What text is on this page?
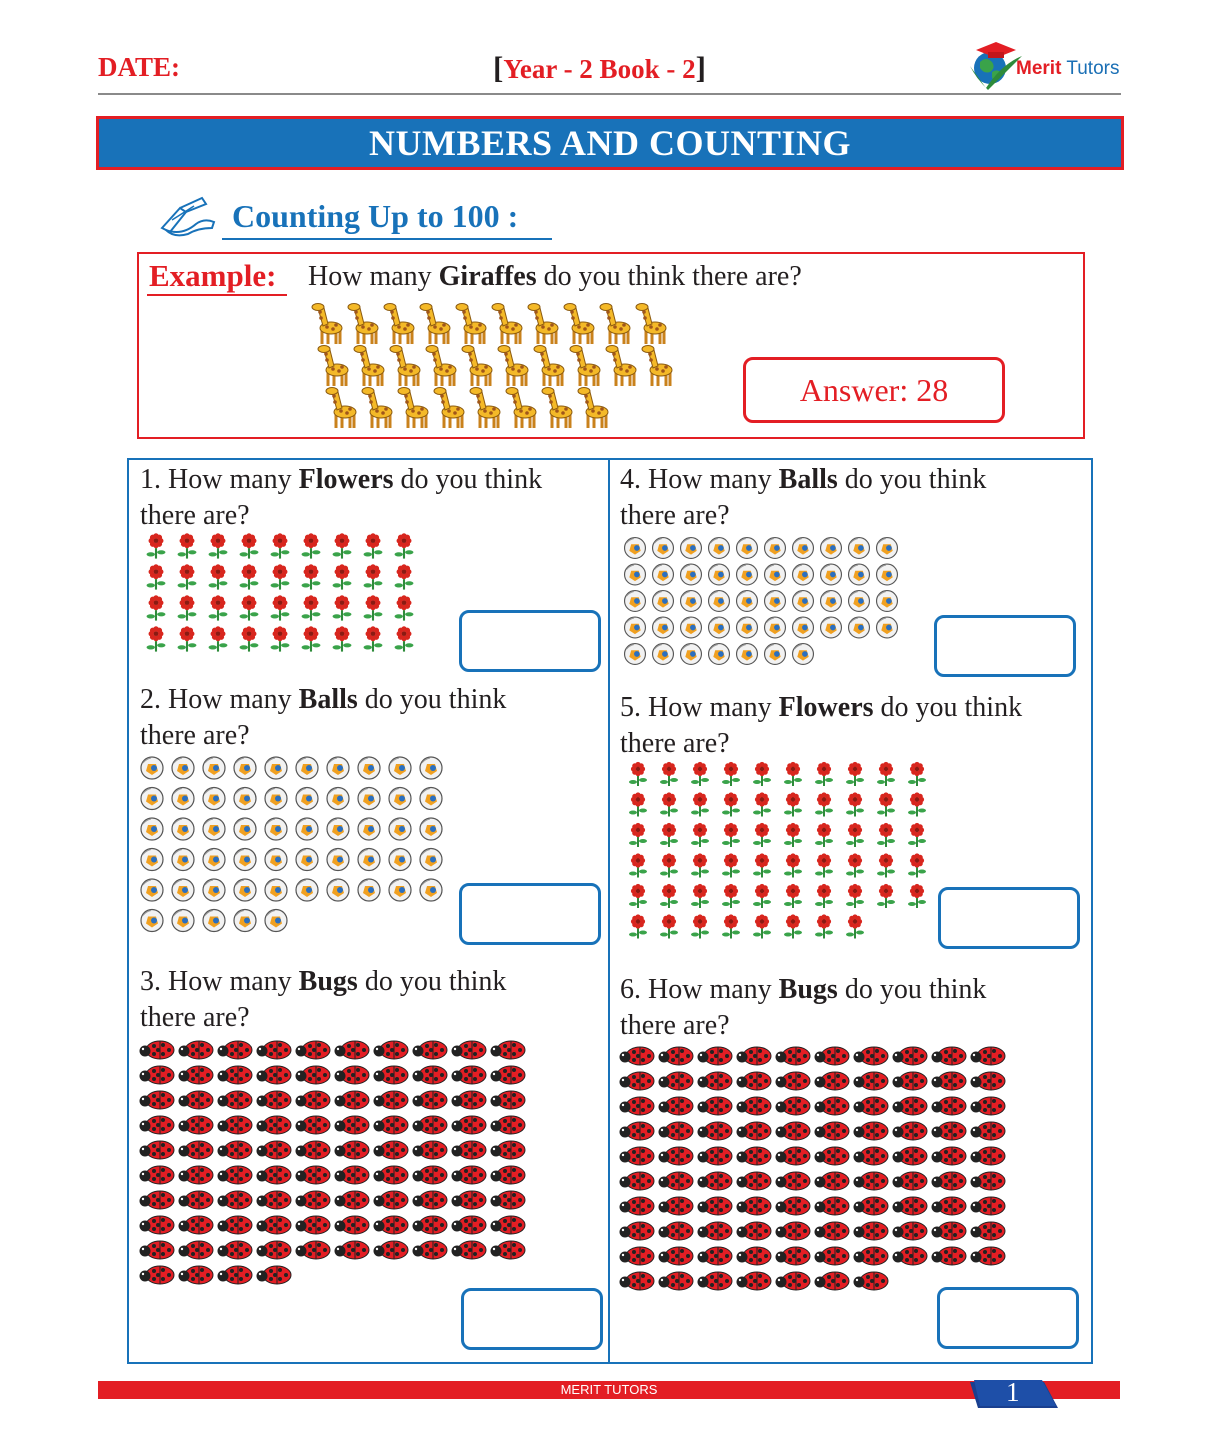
DATE:	[Year - 2 Book - 2]	Merit Tutors
NUMBERS AND COUNTING
Counting Up to 100 :
Example: How many Giraffes do you think there are?
Answer: 28
1. How many Flowers do you think
there are?
2. How many Balls do you think
there are?
3. How many Bugs do you think
there are?
4. How many Balls do you think
there are?
5. How many Flowers do you think
there are?
6. How many Bugs do you think
there are?
MERIT TUTORS	1
